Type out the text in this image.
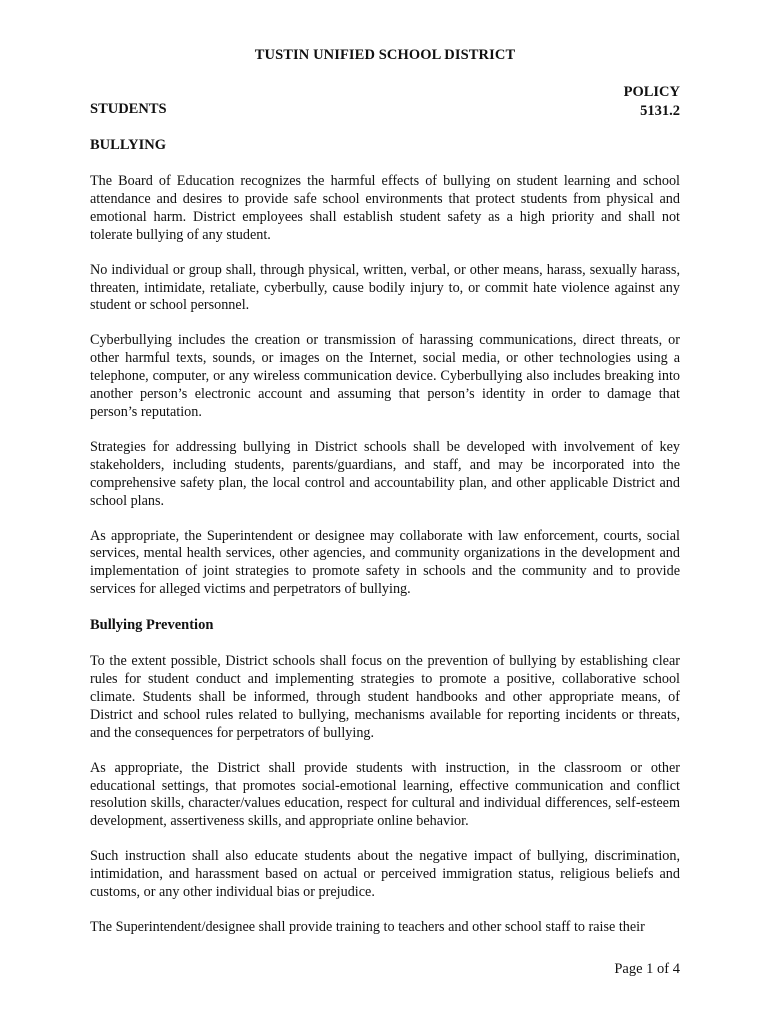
TUSTIN UNIFIED SCHOOL DISTRICT
POLICY
5131.2
STUDENTS
BULLYING

The Board of Education recognizes the harmful effects of bullying on student learning and school attendance and desires to provide safe school environments that protect students from physical and emotional harm. District employees shall establish student safety as a high priority and shall not tolerate bullying of any student.

No individual or group shall, through physical, written, verbal, or other means, harass, sexually harass, threaten, intimidate, retaliate, cyberbully, cause bodily injury to, or commit hate violence against any student or school personnel.

Cyberbullying includes the creation or transmission of harassing communications, direct threats, or other harmful texts, sounds, or images on the Internet, social media, or other technologies using a telephone, computer, or any wireless communication device. Cyberbullying also includes breaking into another person’s electronic account and assuming that person’s identity in order to damage that person’s reputation.

Strategies for addressing bullying in District schools shall be developed with involvement of key stakeholders, including students, parents/guardians, and staff, and may be incorporated into the comprehensive safety plan, the local control and accountability plan, and other applicable District and school plans.

As appropriate, the Superintendent or designee may collaborate with law enforcement, courts, social services, mental health services, other agencies, and community organizations in the development and implementation of joint strategies to promote safety in schools and the community and to provide services for alleged victims and perpetrators of bullying.

Bullying Prevention

To the extent possible, District schools shall focus on the prevention of bullying by establishing clear rules for student conduct and implementing strategies to promote a positive, collaborative school climate. Students shall be informed, through student handbooks and other appropriate means, of District and school rules related to bullying, mechanisms available for reporting incidents or threats, and the consequences for perpetrators of bullying.

As appropriate, the District shall provide students with instruction, in the classroom or other educational settings, that promotes social-emotional learning, effective communication and conflict resolution skills, character/values education, respect for cultural and individual differences, self-esteem development, assertiveness skills, and appropriate online behavior.

Such instruction shall also educate students about the negative impact of bullying, discrimination, intimidation, and harassment based on actual or perceived immigration status, religious beliefs and customs, or any other individual bias or prejudice.

The Superintendent/designee shall provide training to teachers and other school staff to raise their

Page 1 of 4
